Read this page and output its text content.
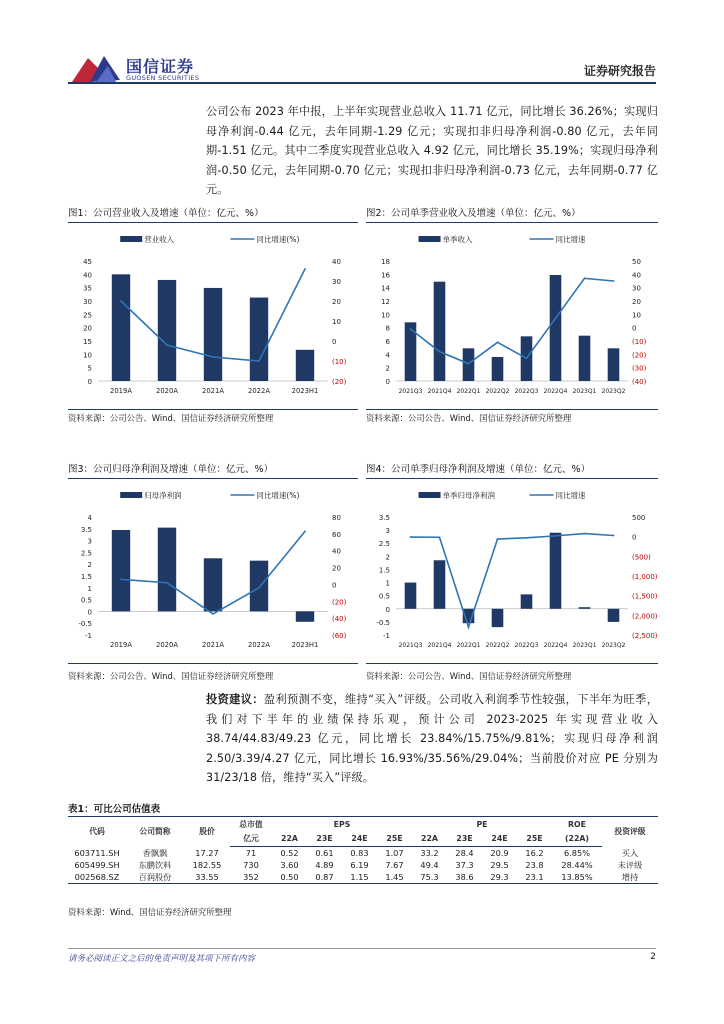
国信证券
GUOSEN SECURITIES	证券研究报告
公司公布 2023 年中报，上半年实现营业总收入 11.71 亿元，同比增长 36.26%；实现归母净利润-0.44 亿元，去年同期-1.29 亿元；实现扣非归母净利润-0.80 亿元，去年同期-1.51 亿元。其中二季度实现营业总收入 4.92 亿元，同比增长 35.19%；实现归母净利润-0.50 亿元，去年同期-0.70 亿元；实现扣非归母净利润-0.73 亿元，去年同期-0.77 亿元。
图1：公司营业收入及增速（单位：亿元、%）
营业收入	同比增速(%)
0
5
10
15
20
25
30
35
40
45
(20)
(10)
0
10
20
30
40
2019A	2020A	2021A	2022A	2023H1
资料来源：公司公告、Wind、国信证券经济研究所整理
图2：公司单季营业收入及增速（单位：亿元、%）
单季收入	同比增速
0
2
4
6
8
10
12
14
16
18
(40)
(30)
(20)
(10)
0
10
20
30
40
50
2021Q3 2021Q4 2022Q1 2022Q2 2022Q3 2022Q4 2023Q1 2023Q2
资料来源：公司公告、Wind、国信证券经济研究所整理
图3：公司归母净利润及增速（单位：亿元、%）
归母净利润	同比增速(%)
-1
-0.5
0
0.5
1
1.5
2
2.5
3
3.5
4
(60)
(40)
(20)
0
20
40
60
80
2019A	2020A	2021A	2022A	2023H1
资料来源：公司公告、Wind、国信证券经济研究所整理
图4：公司单季归母净利润及增速（单位：亿元、%）
单季归母净利润	同比增速
-1
-0.5
0
0.5
1
1.5
2
2.5
3
3.5
(2,500)
(2,000)
(1,500)
(1,000)
(500)
0
500
2021Q3 2021Q4 2022Q1 2022Q2 2022Q3 2022Q4 2023Q1 2023Q2
资料来源：公司公告、Wind、国信证券经济研究所整理
投资建议：盈利预测不变，维持“买入”评级。公司收入利润季节性较强，下半年为旺季，我们对下半年的业绩保持乐观，预计公司 2023-2025 年实现营业收入 38.74/44.83/49.23 亿元，同比增长 23.84%/15.75%/9.81%；实现归母净利润 2.50/3.39/4.27 亿元，同比增长 16.93%/35.56%/29.04%；当前股价对应 PE 分别为 31/23/18 倍，维持“买入”评级。
表1：可比公司估值表
代码	公司简称	股价	总市值	EPS				PE				ROE	投资评级
			亿元	22A	23E	24E	25E	22A	23E	24E	25E	(22A)	
603711.SH	香飘飘	17.27	71	0.52	0.61	0.83	1.07	33.2	28.4	20.9	16.2	6.85%	买入
605499.SH	东鹏饮料	182.55	730	3.60	4.89	6.19	7.67	49.4	37.3	29.5	23.8	28.44%	未评级
002568.SZ	百润股份	33.55	352	0.50	0.87	1.15	1.45	75.3	38.6	29.3	23.1	13.85%	增持
资料来源：Wind、国信证券经济研究所整理
请务必阅读正文之后的免责声明及其项下所有内容	2
